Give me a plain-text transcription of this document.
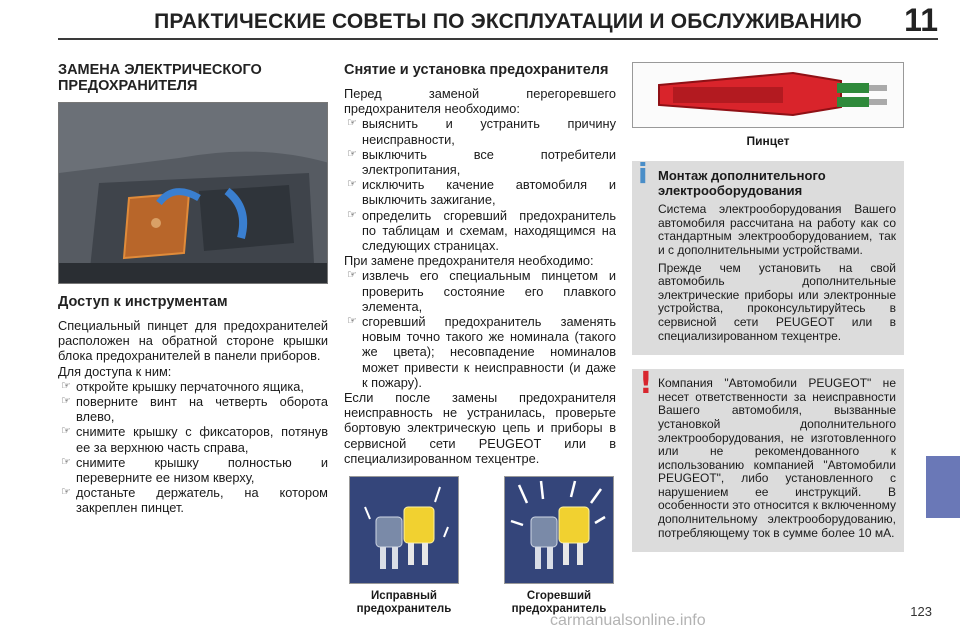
ПРАКТИЧЕСКИЕ СОВЕТЫ ПО ЭКСПЛУАТАЦИИ И ОБСЛУЖИВАНИЮ 11
ЗАМЕНА ЭЛЕКТРИЧЕСКОГО ПРЕДОХРАНИТЕЛЯ
Доступ к инструментам

Специальный пинцет для предохранителей расположен на обратной стороне крышки блока предохранителей в панели приборов.

Для доступа к ним:

☞ откройте крышку перчаточного ящика,
☞ поверните винт на четверть оборота влево,
☞ снимите крышку с фиксаторов, потянув ее за верхнюю часть справа,
☞ снимите крышку полностью и переверните ее низом кверху,
☞ достаньте держатель, на котором закреплен пинцет.
Снятие и установка предохранителя

Перед заменой перегоревшего предохранителя необходимо:

☞ выяснить и устранить причину неисправности,
☞ выключить все потребители электропитания,
☞ исключить качение автомобиля и выключить зажигание,
☞ определить сгоревший предохранитель по таблицам и схемам, находящимся на следующих страницах.

При замене предохранителя необходимо:

☞ извлечь его специальным пинцетом и проверить состояние его плавкого элемента,
☞ сгоревший предохранитель заменять новым точно такого же номинала (такого же цвета); несовпадение номиналов может привести к неисправности (и даже к пожару).

Если после замены предохранителя неисправность не устранилась, проверьте бортовую электрическую цепь и приборы в сервисной сети PEUGEOT или в специализированном техцентре.

Исправный предохранитель
Сгоревший предохранитель
Пинцет
i Монтаж дополнительного электрооборудования

Система электрооборудования Вашего автомобиля рассчитана на работу как со стандартным электрооборудованием, так и с дополнительными устройствами.

Прежде чем установить на свой автомобиль дополнительные электрические приборы или электронные устройства, проконсультируйтесь в сервисной сети PEUGEOT или в специализированном техцентре.

! Компания "Автомобили PEUGEOT" не несет ответственности за неисправности Вашего автомобиля, вызванные установкой дополнительного электрооборудования, не изготовленного или не рекомендованного к использованию компанией "Автомобили PEUGEOT", либо установленного с нарушением ее инструкций. В особенности это относится к включенному дополнительному электрооборудованию, потребляющему ток в сумме более 10 мА.

carmanualsonline.info
123
